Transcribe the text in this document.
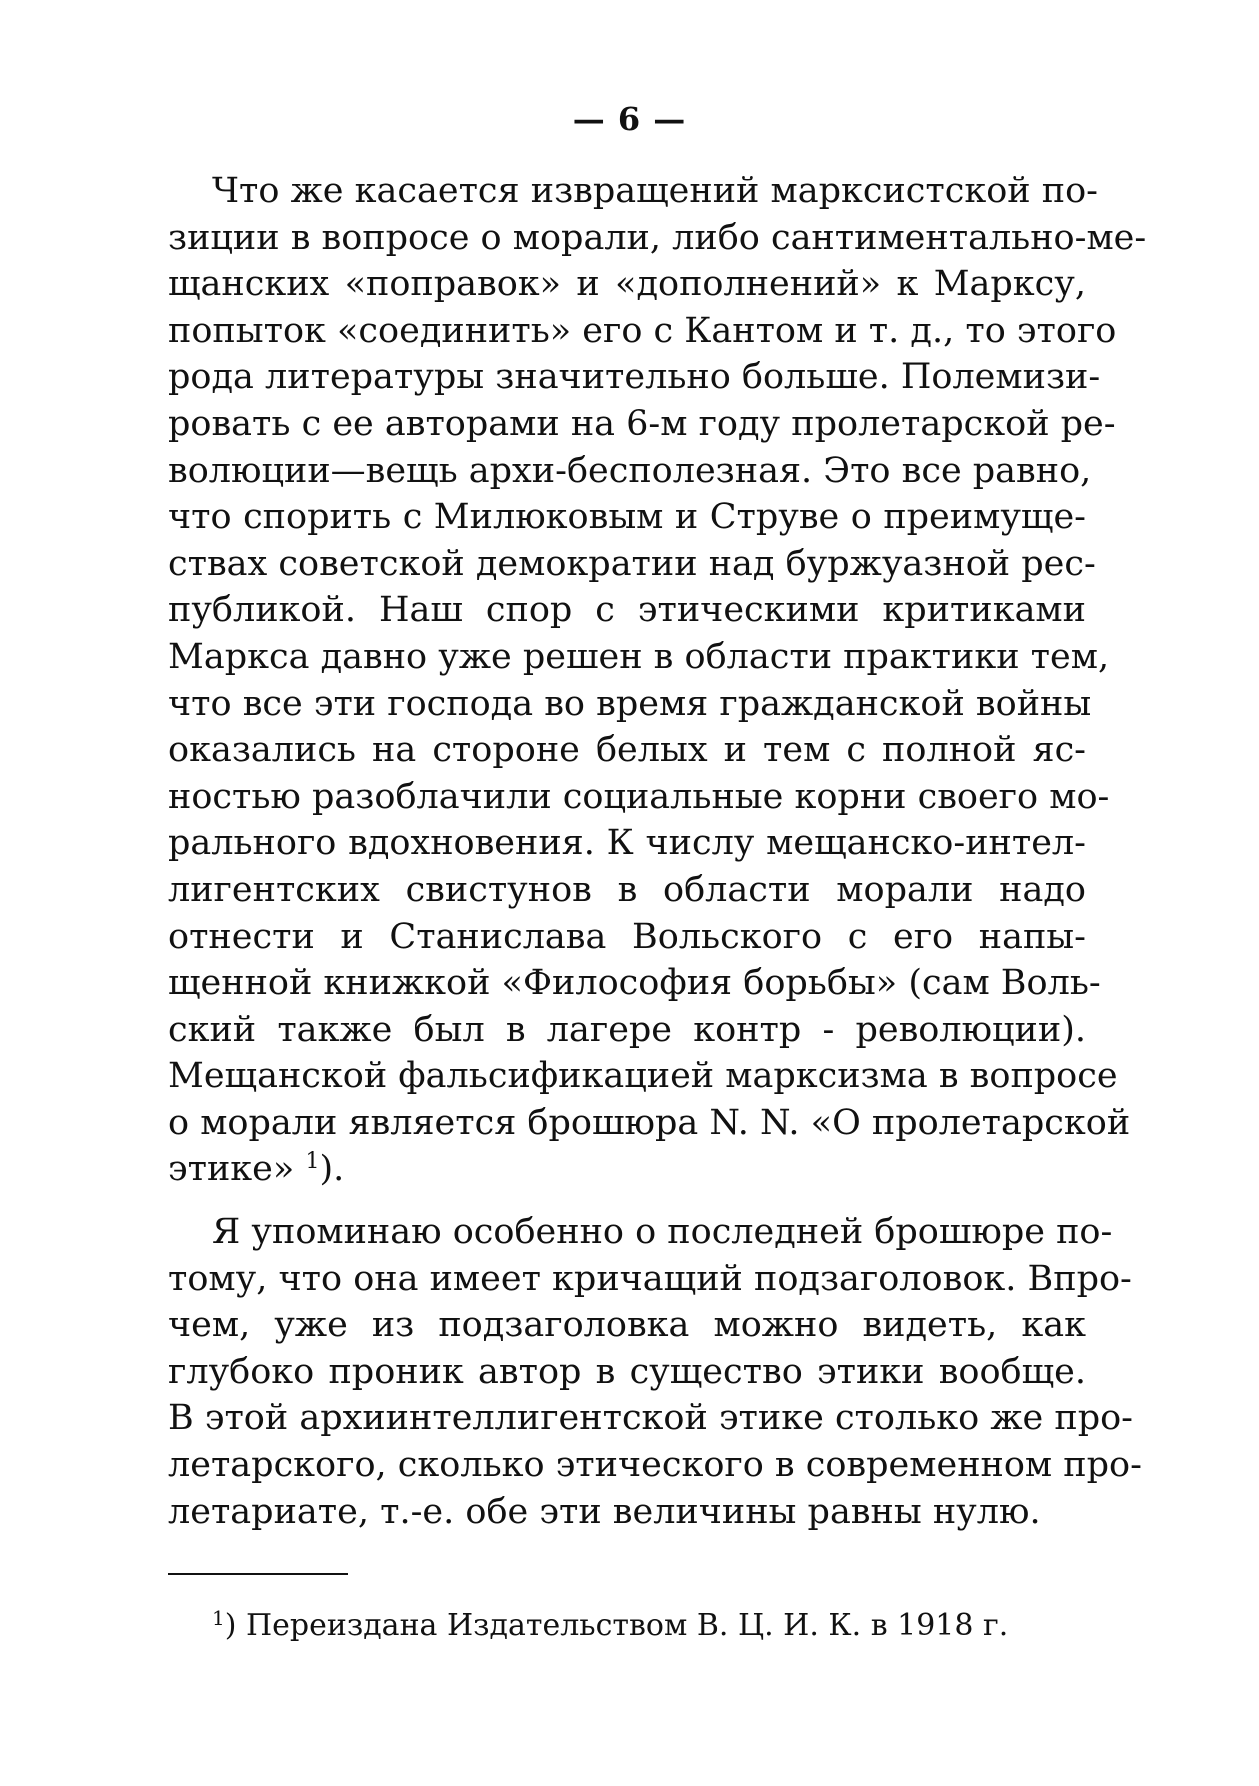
— 6 —
Что же касается извращений марксистской по-
зиции в вопросе о морали, либо сантиментально-ме-
щанских «поправок» и «дополнений» к Марксу,
попыток «соединить» его с Кантом и т. д., то этого
рода литературы значительно больше. Полемизи-
ровать с ее авторами на 6-м году пролетарской ре-
волюции—вещь архи-бесполезная. Это все равно,
что спорить с Милюковым и Струве о преимуще-
ствах советской демократии над буржуазной рес-
публикой. Наш спор с этическими критиками
Маркса давно уже решен в области практики тем,
что все эти господа во время гражданской войны
оказались на стороне белых и тем с полной яс-
ностью разоблачили социальные корни своего мо-
рального вдохновения. К числу мещанско-интел-
лигентских свистунов в области морали надо
отнести и Станислава Вольского с его напы-
щенной книжкой «Философия борьбы» (сам Воль-
ский также был в лагере контр - революции).
Мещанской фальсификацией марксизма в вопросе
о морали является брошюра N. N. «О пролетарской
этике» $^1$).
Я упоминаю особенно о последней брошюре по-
тому, что она имеет кричащий подзаголовок. Впро-
чем, уже из подзаголовка можно видеть, как
глубоко проник автор в существо этики вообще.
В этой архиинтеллигентской этике столько же про-
летарского, сколько этического в современном про-
летариате, т.-е. обе эти величины равны нулю.
$^1$) Переиздана Издательством В. Ц. И. К. в 1918 г.
